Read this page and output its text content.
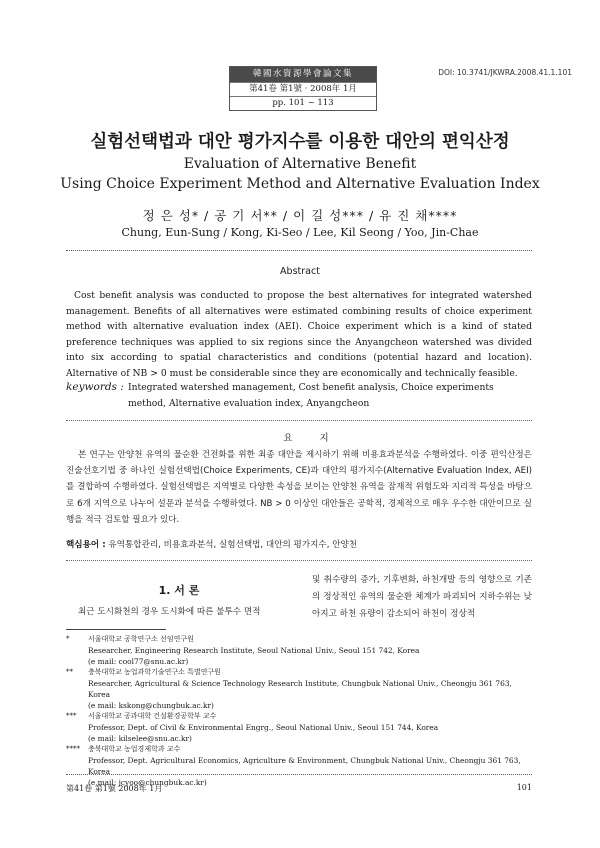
韓國水資源學會論文集
第41卷 第1號 · 2008年 1月
pp. 101 ~ 113
DOI: 10.3741/JKWRA.2008.41.1.101
실험선택법과 대안 평가지수를 이용한 대안의 편익산정
Evaluation of Alternative Benefit
Using Choice Experiment Method and Alternative Evaluation Index
정 은 성* / 공 기 서** / 이 길 성*** / 유 진 채****
Chung, Eun-Sung / Kong, Ki-Seo / Lee, Kil Seong / Yoo, Jin-Chae
Abstract
Cost benefit analysis was conducted to propose the best alternatives for integrated watershed management. Benefits of all alternatives were estimated combining results of choice experiment method with alternative evaluation index (AEI). Choice experiment which is a kind of stated preference techniques was applied to six regions since the Anyangcheon watershed was divided into six according to spatial characteristics and conditions (potential hazard and location). Alternative of NB > 0 must be considerable since they are economically and technically feasible.
keywords : Integrated watershed management, Cost benefit analysis, Choice experiments method, Alternative evaluation index, Anyangcheon
요 지
본 연구는 안양천 유역의 물순환 건전화를 위한 최종 대안을 제시하기 위해 비용효과분석을 수행하였다. 이중 편익산정은 진술선호기법 중 하나인 실험선택법(Choice Experiments, CE)과 대안의 평가지수(Alternative Evaluation Index, AEI)를 결합하여 수행하였다. 실험선택법은 지역별로 다양한 속성을 보이는 안양천 유역을 잠재적 위험도와 지리적 특성을 바탕으로 6개 지역으로 나누어 설문과 분석을 수행하였다. NB > 0 이상인 대안들은 공학적, 경제적으로 매우 우수한 대안이므로 실행을 적극 검토할 필요가 있다.
핵심용어 : 유역통합관리, 비용효과분석, 실험선택법, 대안의 평가지수, 안양천
1. 서 론
최근 도시화천의 경우 도시화에 따른 불투수 면적
및 취수량의 증가, 기후변화, 하천개발 등의 영향으로 기존의 정상적인 유역의 물순환 체계가 파괴되어 지하수위는 낮아지고 하천 유량이 감소되어 하천이 정상적
*	서울대학교 공학연구소 선임연구원
Researcher, Engineering Research Institute, Seoul National Univ., Seoul 151 742, Korea
(e mail: cool77@snu.ac.kr)
** 충북대학교 농업과학기술연구소 특별연구원
Researcher, Agricultural & Science Technology Research Institute, Chungbuk National Univ., Cheongju 361 763, Korea
(e mail: kskong@chungbuk.ac.kr)
*** 서울대학교 공과대학 건설환경공학부 교수
Professor, Dept. of Civil & Environmental Engrg., Seoul National Univ., Seoul 151 744, Korea
(e mail: kilselee@snu.ac.kr)
**** 충북대학교 농업경제학과 교수
Professor, Dept. Agricultural Economics, Agriculture & Environment, Chungbuk National Univ., Cheongju 361 763, Korea
(e mail: jcyoo@chungbuk.ac.kr)
第41卷 第1號 2008年 1月	101
